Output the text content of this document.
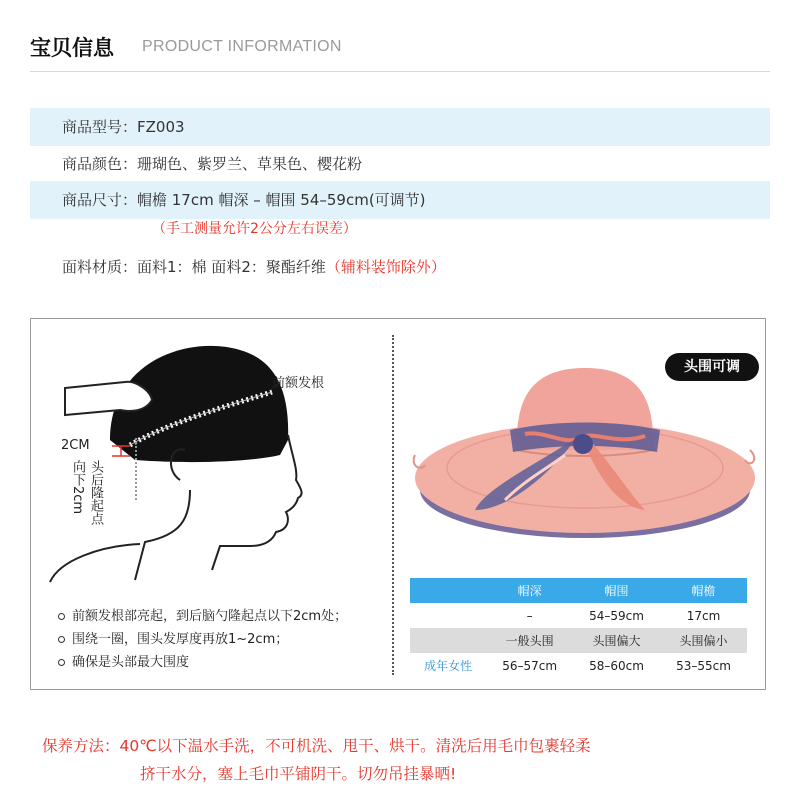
宝贝信息 PRODUCT INFORMATION
商品型号：FZ003
商品颜色：珊瑚色、紫罗兰、草果色、樱花粉
商品尺寸：帽檐 17cm 帽深 – 帽围 54–59cm(可调节)
（手工测量允许2公分左右误差）
面料材质：面料1：棉 面料2：聚酯纤维（辅料装饰除外）
前额发根
2CM
向下2cm 头后隆起点
前额发根部亮起，到后脑勺隆起点以下2cm处；
围绕一圈，围头发厚度再放1~2cm；
确保是头部最大围度
头围可调
	帽深	帽围	帽檐
	–	54–59cm	17cm
	一般头围	头围偏大	头围偏小
成年女性	56–57cm	58–60cm	53–55cm
保养方法：40℃以下温水手洗，不可机洗、甩干、烘干。清洗后用毛巾包裹轻柔
挤干水分，塞上毛巾平铺阴干。切勿吊挂暴晒!
